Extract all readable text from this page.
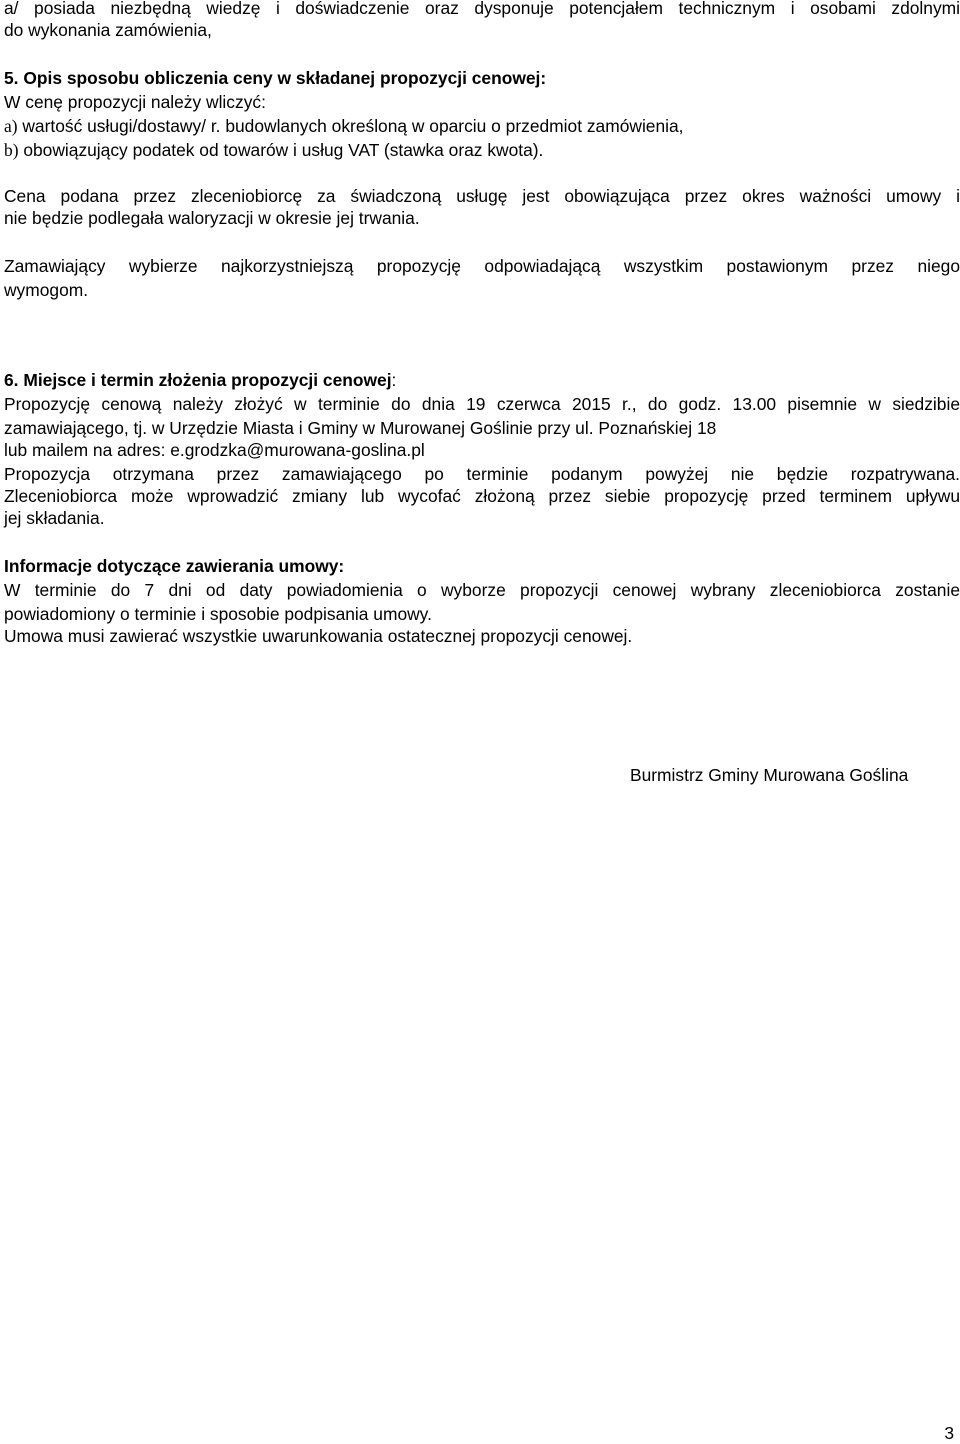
a/ posiada niezbędną wiedzę i doświadczenie oraz dysponuje potencjałem technicznym i osobami zdolnymi
do wykonania zamówienia,
5. Opis sposobu obliczenia ceny w składanej propozycji cenowej:
W cenę propozycji należy wliczyć:
a) wartość usługi/dostawy/ r. budowlanych określoną w oparciu o przedmiot zamówienia,
b) obowiązujący podatek od towarów i usług VAT (stawka oraz kwota).
Cena podana przez zleceniobiorcę za świadczoną usługę jest obowiązująca przez okres ważności umowy i
nie będzie podlegała waloryzacji w okresie jej trwania.
Zamawiający wybierze najkorzystniejszą propozycję odpowiadającą wszystkim postawionym przez niego
wymogom.
6. Miejsce i termin złożenia propozycji cenowej:
Propozycję cenową należy złożyć w terminie do dnia 19 czerwca 2015 r., do godz. 13.00 pisemnie w siedzibie
zamawiającego, tj. w Urzędzie Miasta i Gminy w Murowanej Goślinie przy ul. Poznańskiej 18
lub mailem na adres: e.grodzka@murowana-goslina.pl
Propozycja otrzymana przez zamawiającego po terminie podanym powyżej nie będzie rozpatrywana.
Zleceniobiorca może wprowadzić zmiany lub wycofać złożoną przez siebie propozycję przed terminem upływu
jej składania.
Informacje dotyczące zawierania umowy:
W terminie do 7 dni od daty powiadomienia o wyborze propozycji cenowej wybrany zleceniobiorca zostanie
powiadomiony o terminie i sposobie podpisania umowy.
Umowa musi zawierać wszystkie uwarunkowania ostatecznej propozycji cenowej.
Burmistrz Gminy Murowana Goślina
3
